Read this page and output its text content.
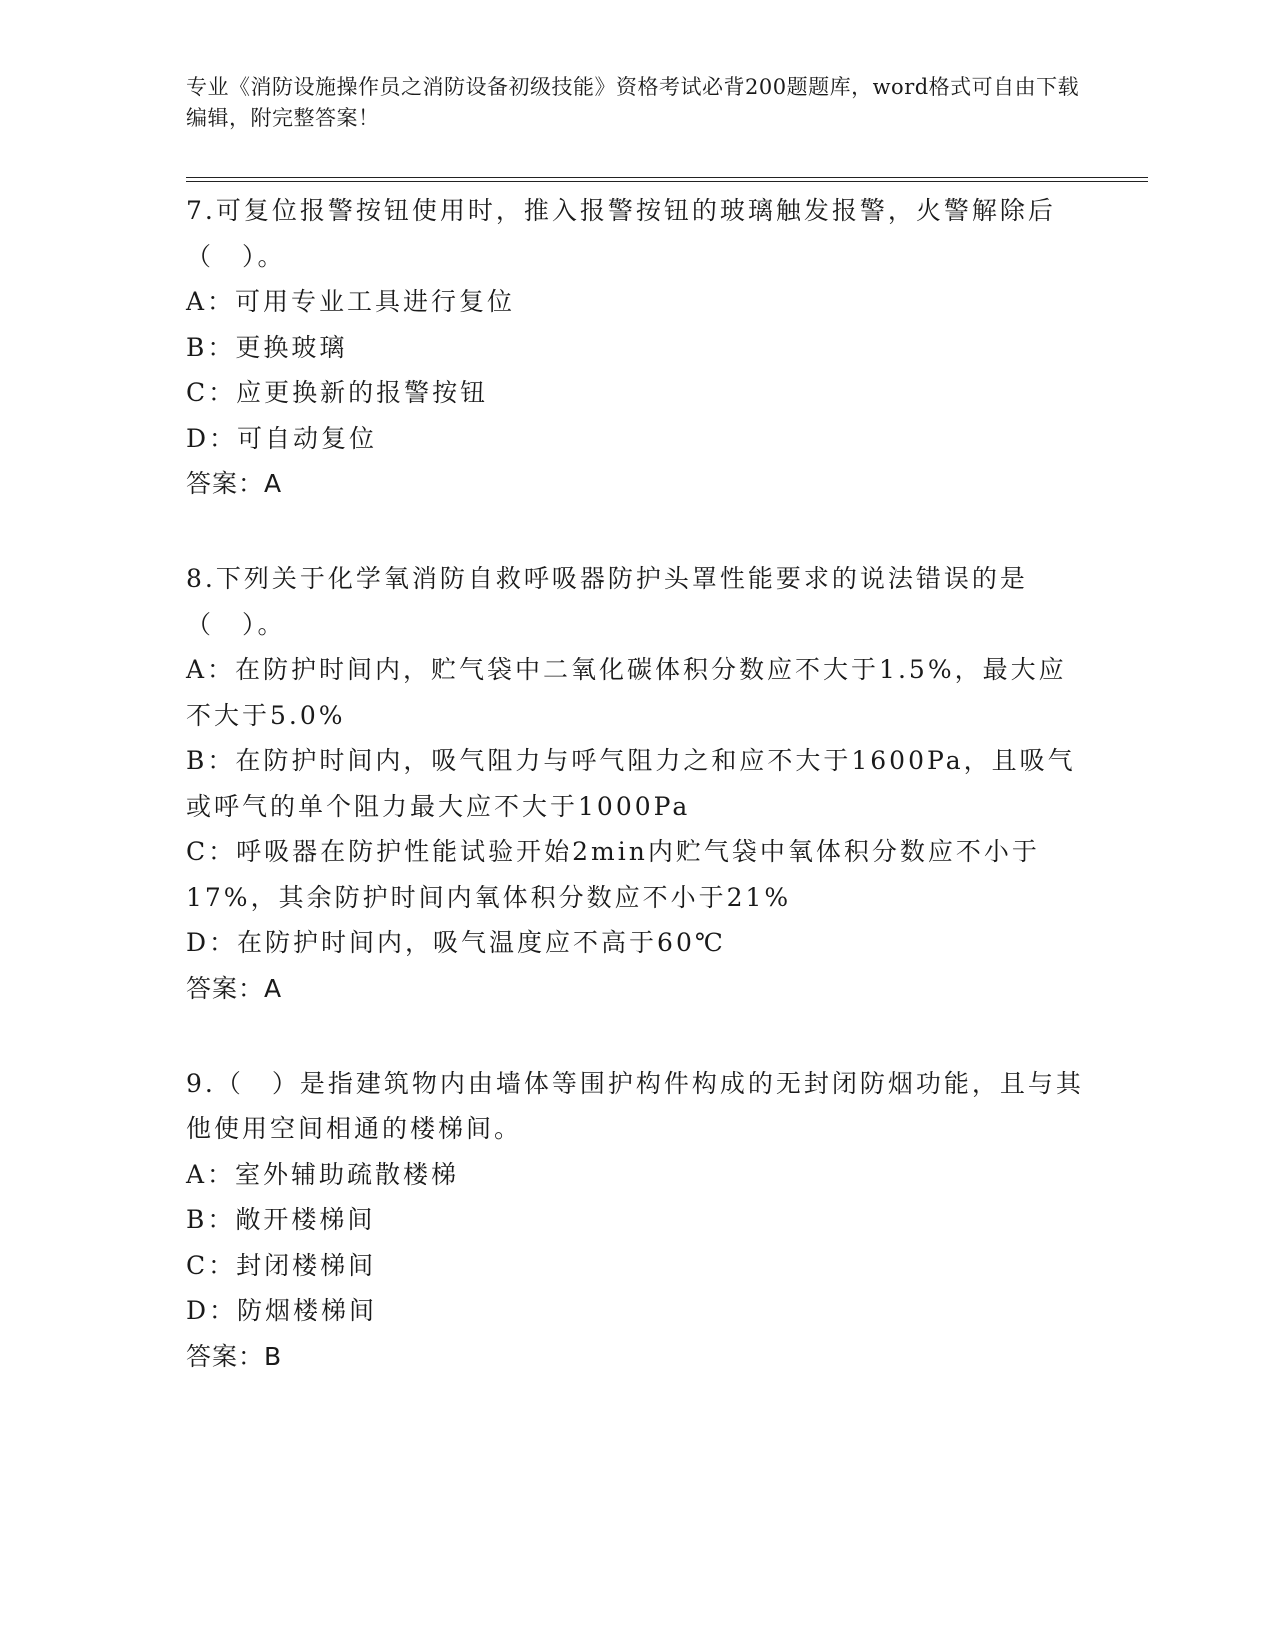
专业《消防设施操作员之消防设备初级技能》资格考试必背200题题库，word格式可自由下载编辑，附完整答案！
7.可复位报警按钮使用时，推入报警按钮的玻璃触发报警，火警解除后（　）。
A：可用专业工具进行复位
B：更换玻璃
C：应更换新的报警按钮
D：可自动复位
答案：A
8.下列关于化学氧消防自救呼吸器防护头罩性能要求的说法错误的是（　）。
A：在防护时间内，贮气袋中二氧化碳体积分数应不大于1.5%，最大应不大于5.0%
B：在防护时间内，吸气阻力与呼气阻力之和应不大于1600Pa，且吸气或呼气的单个阻力最大应不大于1000Pa
C：呼吸器在防护性能试验开始2min内贮气袋中氧体积分数应不小于17%，其余防护时间内氧体积分数应不小于21%
D：在防护时间内，吸气温度应不高于60℃
答案：A
9.（　）是指建筑物内由墙体等围护构件构成的无封闭防烟功能，且与其他使用空间相通的楼梯间。
A：室外辅助疏散楼梯
B：敞开楼梯间
C：封闭楼梯间
D：防烟楼梯间
答案：B
